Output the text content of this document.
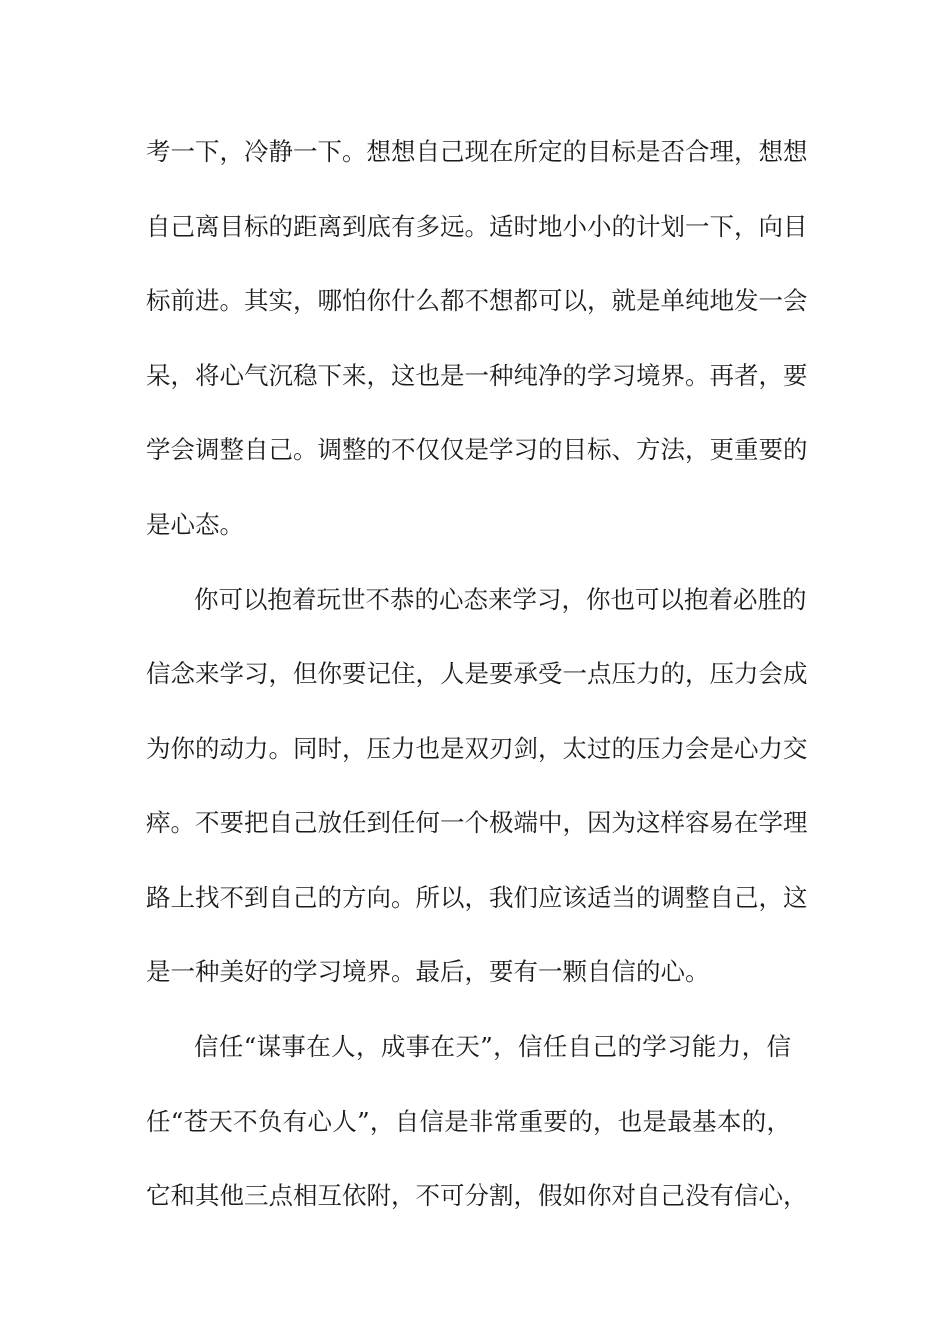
考一下，冷静一下。想想自己现在所定的目标是否合理，想想
自己离目标的距离到底有多远。适时地小小的计划一下，向目
标前进。其实，哪怕你什么都不想都可以，就是单纯地发一会
呆，将心气沉稳下来，这也是一种纯净的学习境界。再者，要
学会调整自己。调整的不仅仅是学习的目标、方法，更重要的
是心态。
你可以抱着玩世不恭的心态来学习，你也可以抱着必胜的
信念来学习，但你要记住，人是要承受一点压力的，压力会成
为你的动力。同时，压力也是双刃剑，太过的压力会是心力交
瘁。不要把自己放任到任何一个极端中，因为这样容易在学理
路上找不到自己的方向。所以，我们应该适当的调整自己，这
是一种美好的学习境界。最后，要有一颗自信的心。
信任“谋事在人，成事在天”，信任自己的学习能力，信
任“苍天不负有心人”，自信是非常重要的，也是最基本的，
它和其他三点相互依附，不可分割，假如你对自己没有信心，
